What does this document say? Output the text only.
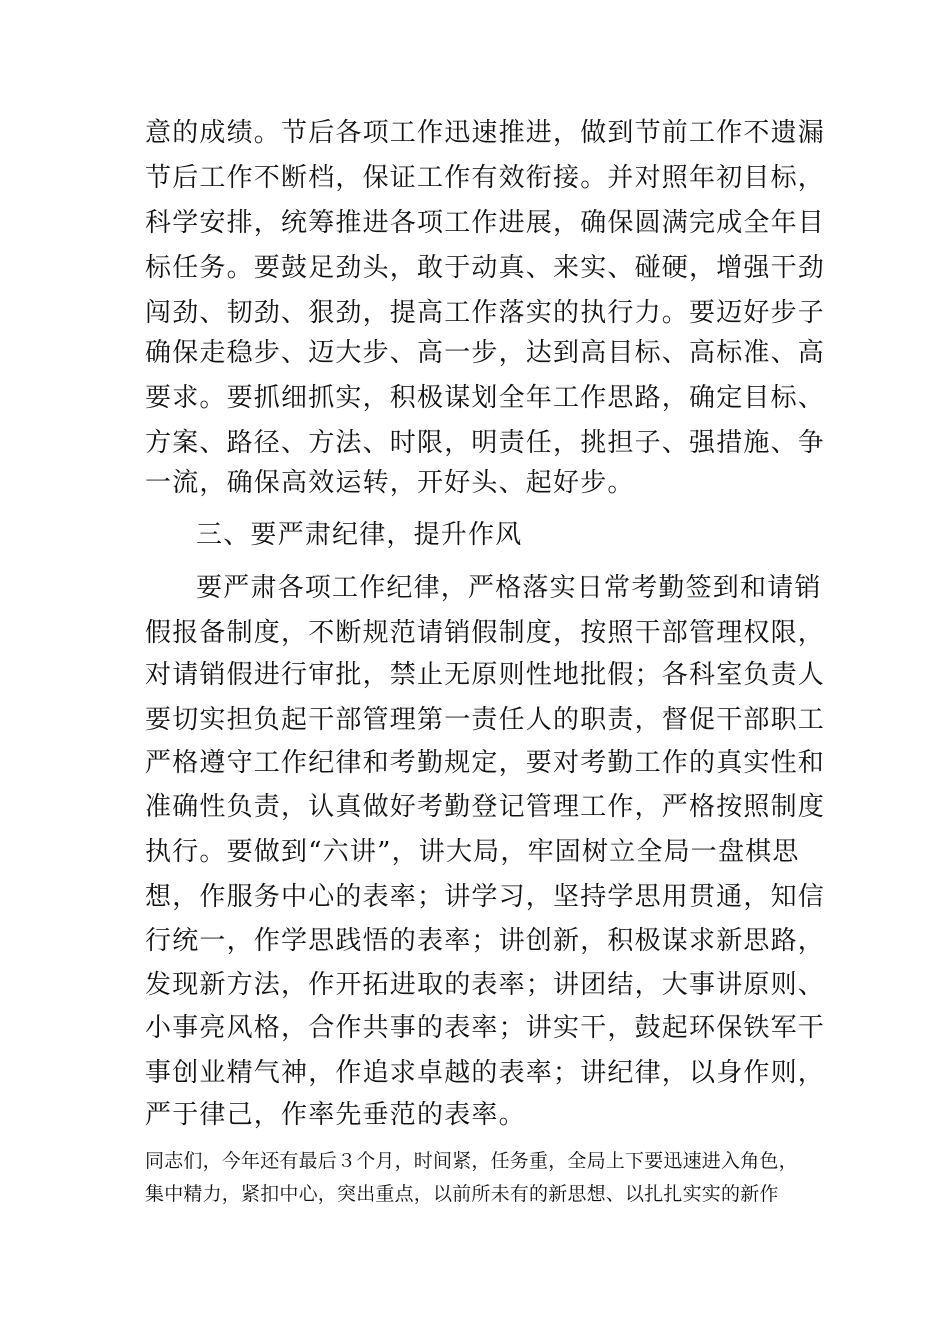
意的成绩。节后各项工作迅速推进，做到节前工作不遗漏
节后工作不断档，保证工作有效衔接。并对照年初目标，
科学安排，统筹推进各项工作进展，确保圆满完成全年目
标任务。要鼓足劲头，敢于动真、来实、碰硬，增强干劲
闯劲、韧劲、狠劲，提高工作落实的执行力。要迈好步子
确保走稳步、迈大步、高一步，达到高目标、高标准、高
要求。要抓细抓实，积极谋划全年工作思路，确定目标、
方案、路径、方法、时限，明责任，挑担子、强措施、争
一流，确保高效运转，开好头、起好步。
三、要严肃纪律，提升作风
要严肃各项工作纪律，严格落实日常考勤签到和请销
假报备制度，不断规范请销假制度，按照干部管理权限，
对请销假进行审批，禁止无原则性地批假；各科室负责人
要切实担负起干部管理第一责任人的职责，督促干部职工
严格遵守工作纪律和考勤规定，要对考勤工作的真实性和
准确性负责，认真做好考勤登记管理工作，严格按照制度
执行。要做到“六讲”，讲大局，牢固树立全局一盘棋思
想，作服务中心的表率；讲学习，坚持学思用贯通，知信
行统一，作学思践悟的表率；讲创新，积极谋求新思路，
发现新方法，作开拓进取的表率；讲团结，大事讲原则、
小事亮风格，合作共事的表率；讲实干，鼓起环保铁军干
事创业精气神，作追求卓越的表率；讲纪律，以身作则，
严于律己，作率先垂范的表率。
同志们，今年还有最后３个月，时间紧，任务重，全局上下要迅速进入角色，
集中精力，紧扣中心，突出重点，以前所未有的新思想、以扎扎实实的新作
